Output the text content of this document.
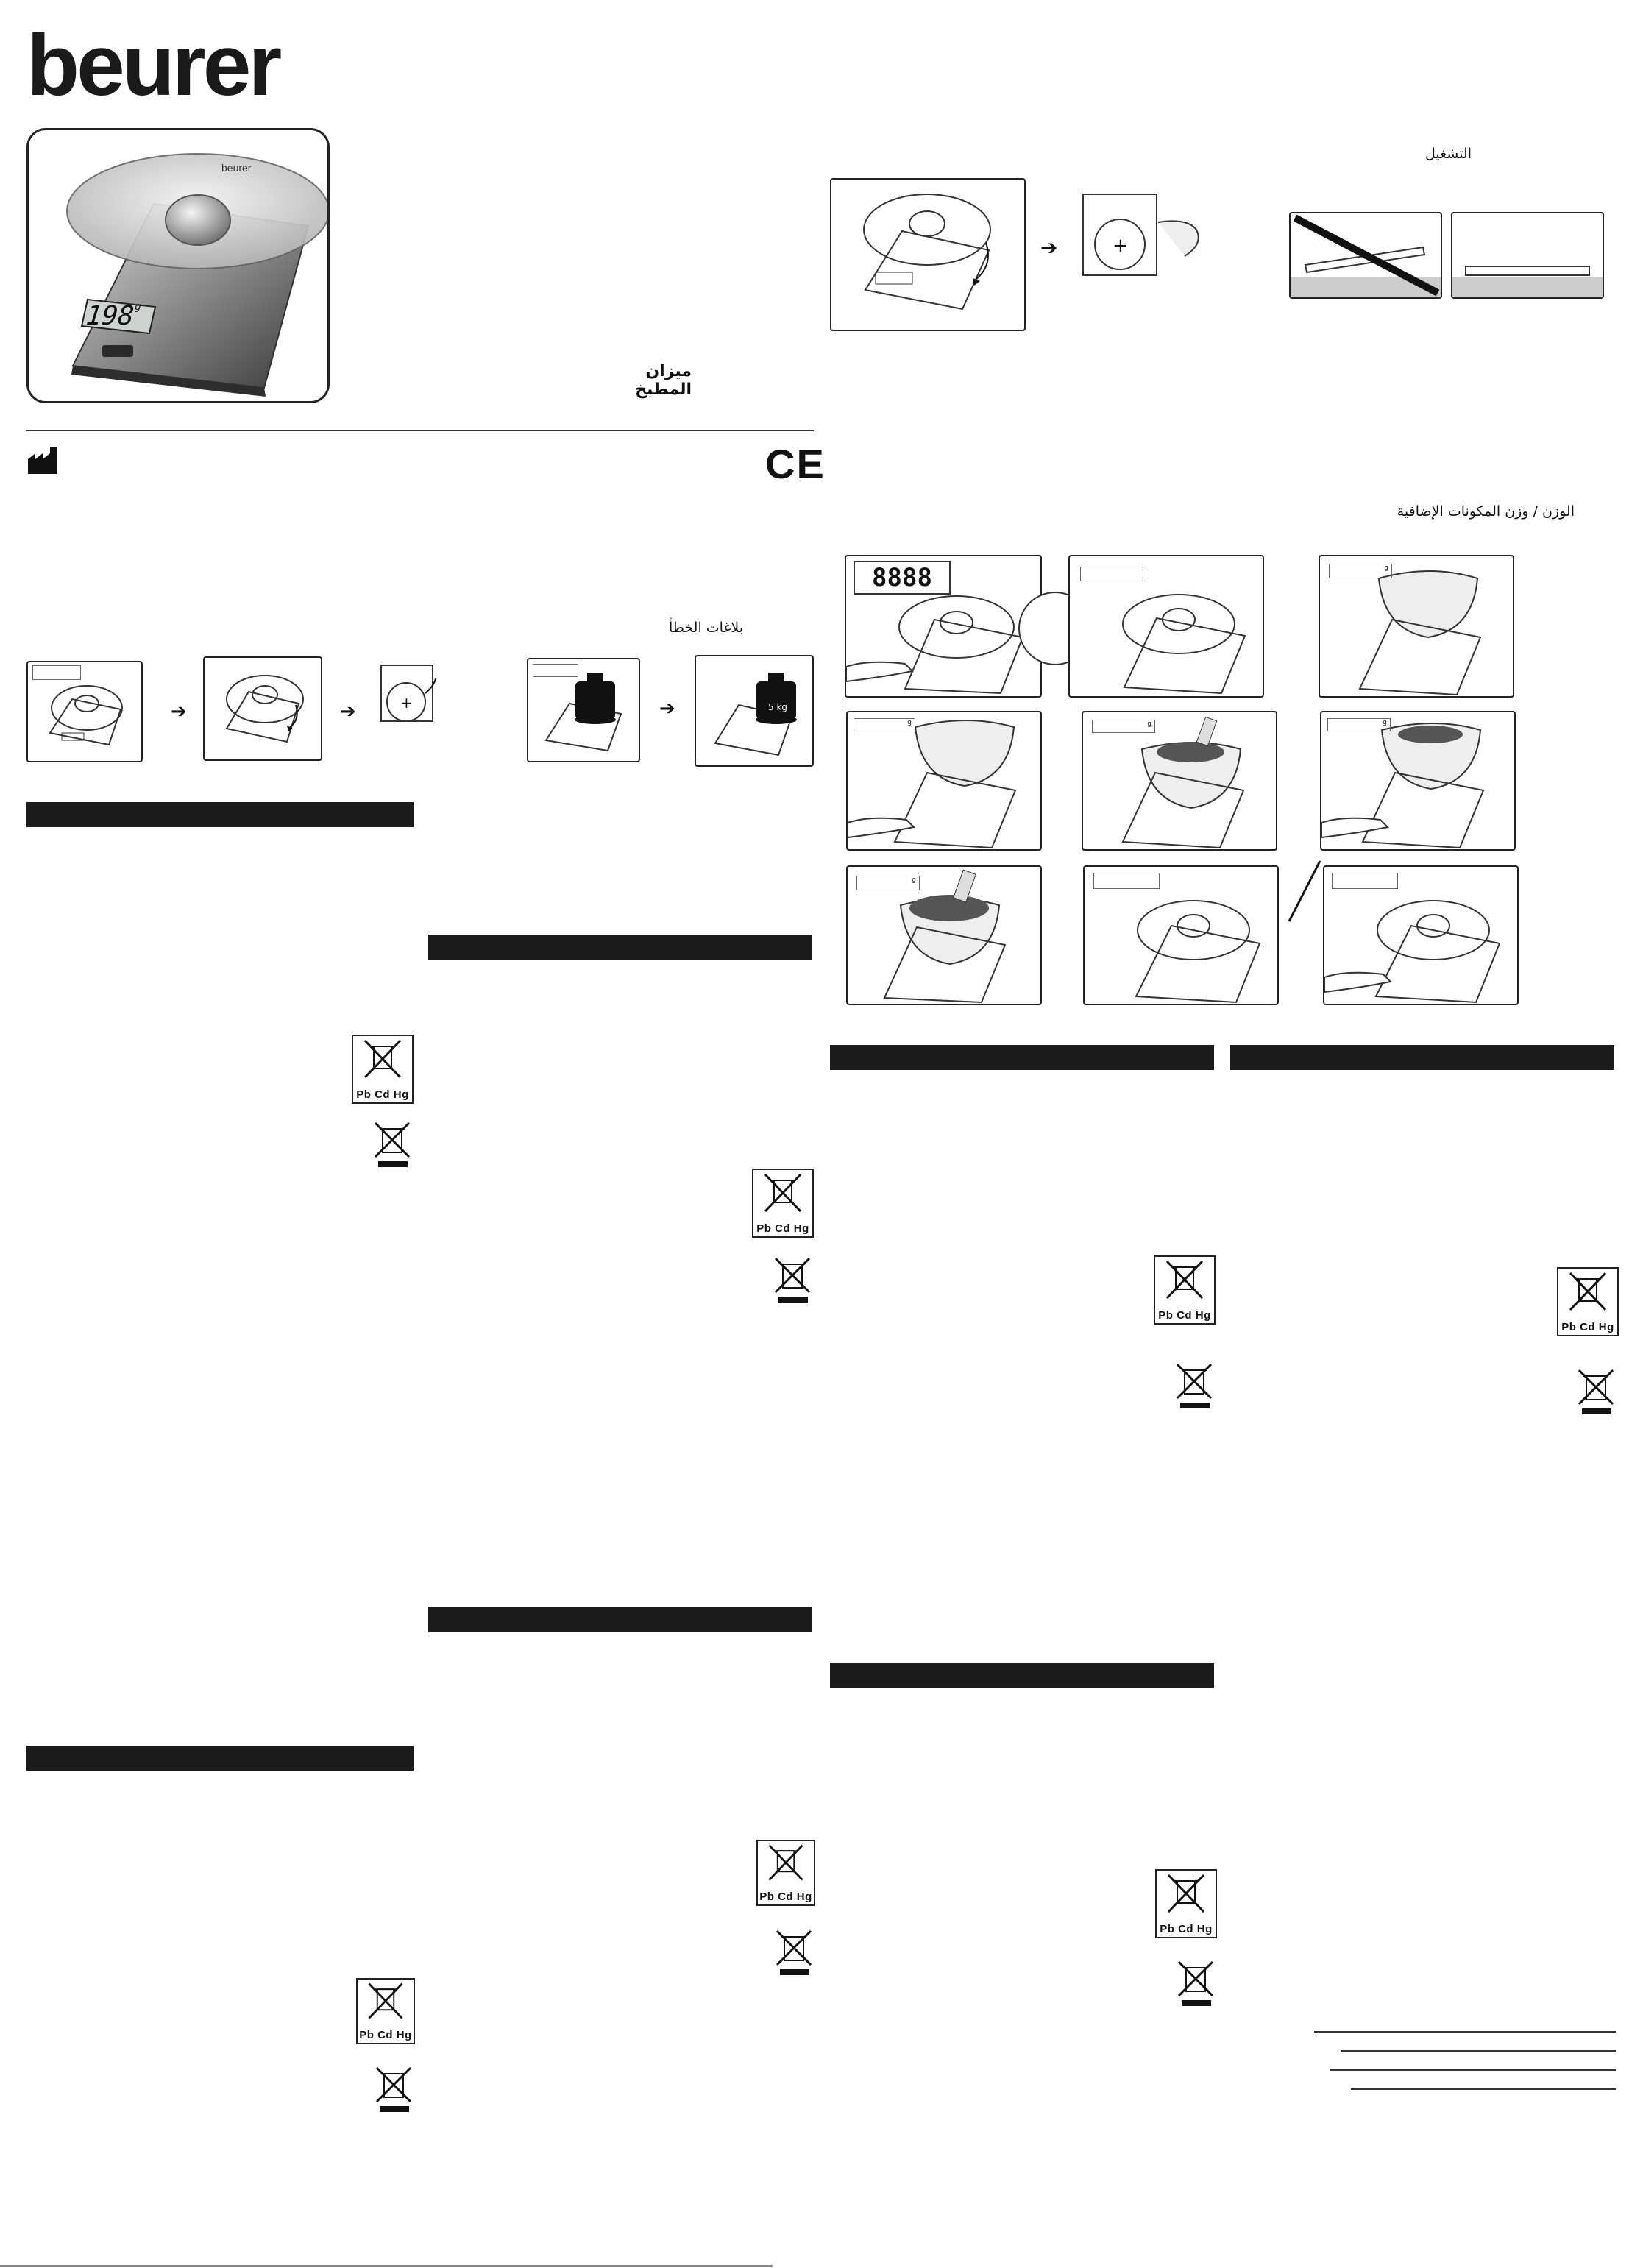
beurer
beurer
198$^g$
ميزان المطبخ
CE
بلاغات الخطأ
➔	➔	+	➔	5 kg
Pb Cd Hg
Pb Cd Hg
Pb Cd Hg
Pb Cd Hg
➔	+
التشغيل
الوزن / وزن المكونات الإضافية
8888	g
g	g	g
g
Pb Cd Hg
Pb Cd Hg
Pb Cd Hg
